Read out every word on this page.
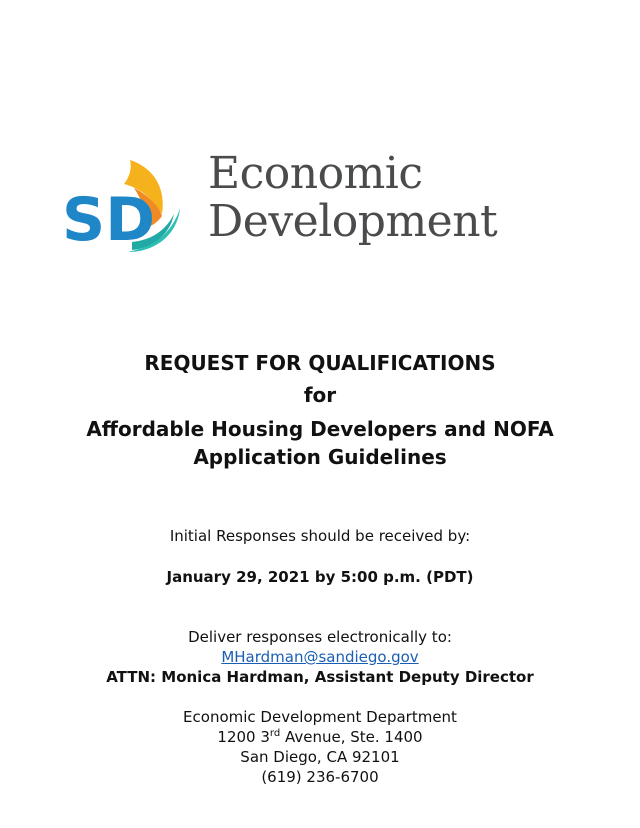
SD
Economic
Development
REQUEST FOR QUALIFICATIONS
for
Affordable Housing Developers and NOFA
Application Guidelines
Initial Responses should be received by:
January 29, 2021 by 5:00 p.m. (PDT)
Deliver responses electronically to:
MHardman@sandiego.gov
ATTN: Monica Hardman, Assistant Deputy Director
Economic Development Department
1200 3rd Avenue, Ste. 1400
San Diego, CA 92101
(619) 236-6700
